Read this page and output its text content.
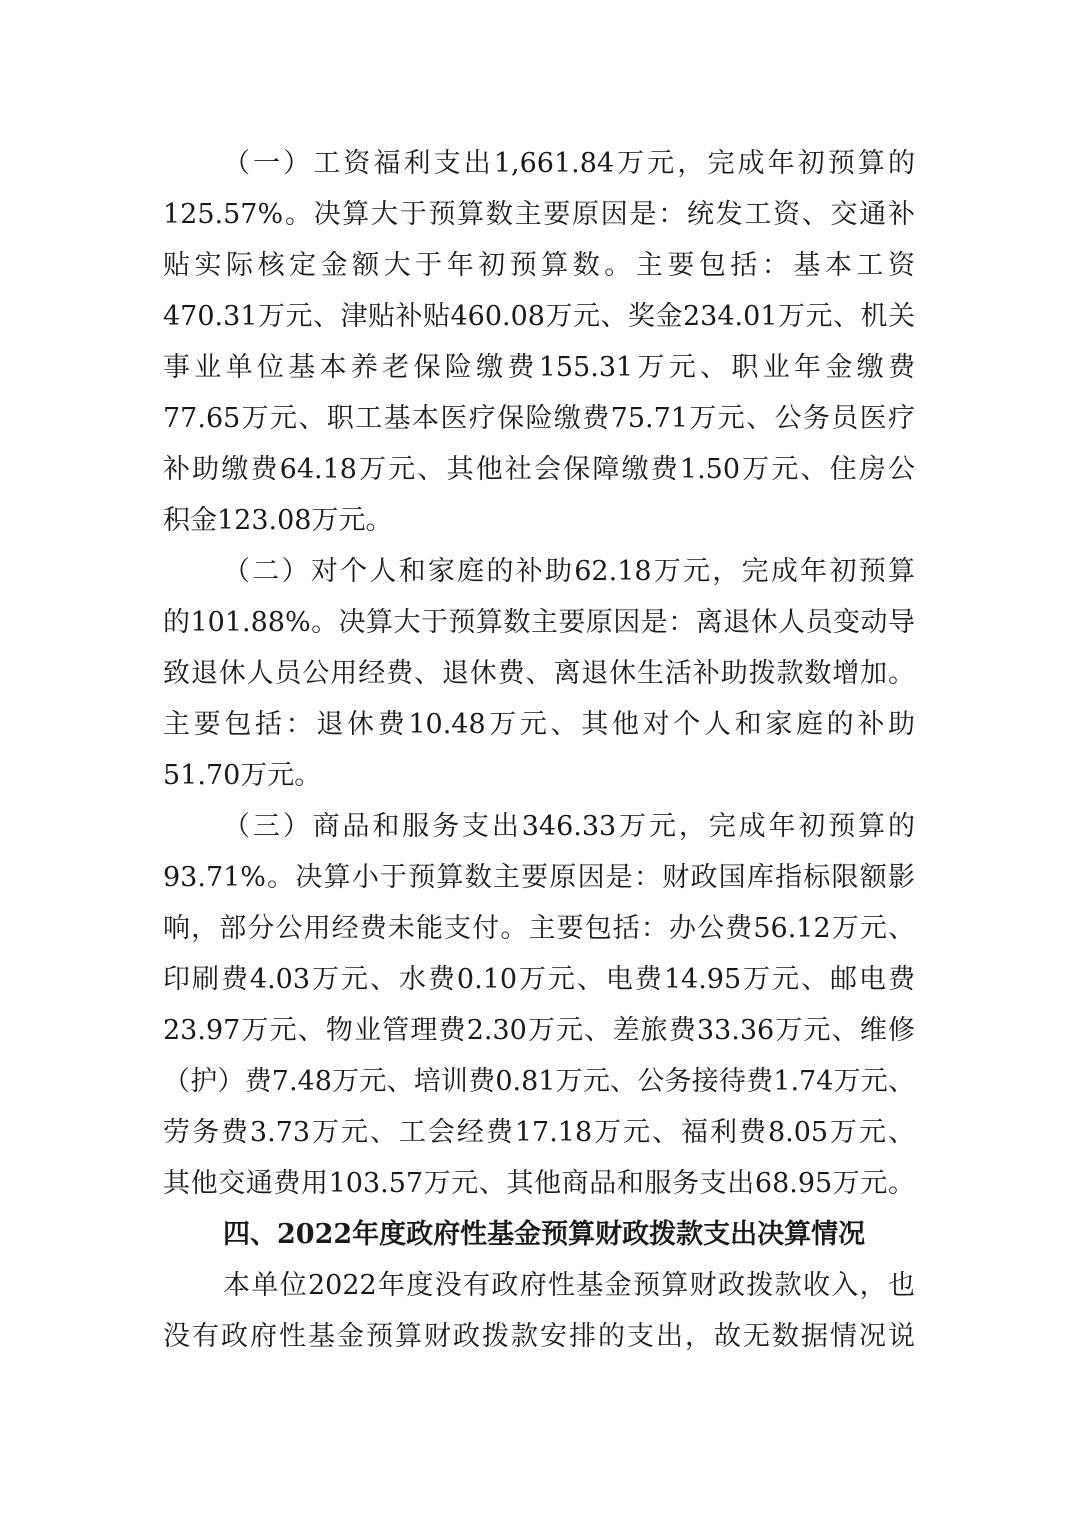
（一）工资福利支出1,661.84万元，完成年初预算的
125.57%。决算大于预算数主要原因是：统发工资、交通补
贴实际核定金额大于年初预算数。主要包括：基本工资
470.31万元、津贴补贴460.08万元、奖金234.01万元、机关
事业单位基本养老保险缴费155.31万元、职业年金缴费
77.65万元、职工基本医疗保险缴费75.71万元、公务员医疗
补助缴费64.18万元、其他社会保障缴费1.50万元、住房公
积金123.08万元。
（二）对个人和家庭的补助62.18万元，完成年初预算
的101.88%。决算大于预算数主要原因是：离退休人员变动导
致退休人员公用经费、退休费、离退休生活补助拨款数增加。
主要包括：退休费10.48万元、其他对个人和家庭的补助
51.70万元。
（三）商品和服务支出346.33万元，完成年初预算的
93.71%。决算小于预算数主要原因是：财政国库指标限额影
响，部分公用经费未能支付。主要包括：办公费56.12万元、
印刷费4.03万元、水费0.10万元、电费14.95万元、邮电费
23.97万元、物业管理费2.30万元、差旅费33.36万元、维修
（护）费7.48万元、培训费0.81万元、公务接待费1.74万元、
劳务费3.73万元、工会经费17.18万元、福利费8.05万元、
其他交通费用103.57万元、其他商品和服务支出68.95万元。
四、2022年度政府性基金预算财政拨款支出决算情况
本单位2022年度没有政府性基金预算财政拨款收入，也
没有政府性基金预算财政拨款安排的支出，故无数据情况说
